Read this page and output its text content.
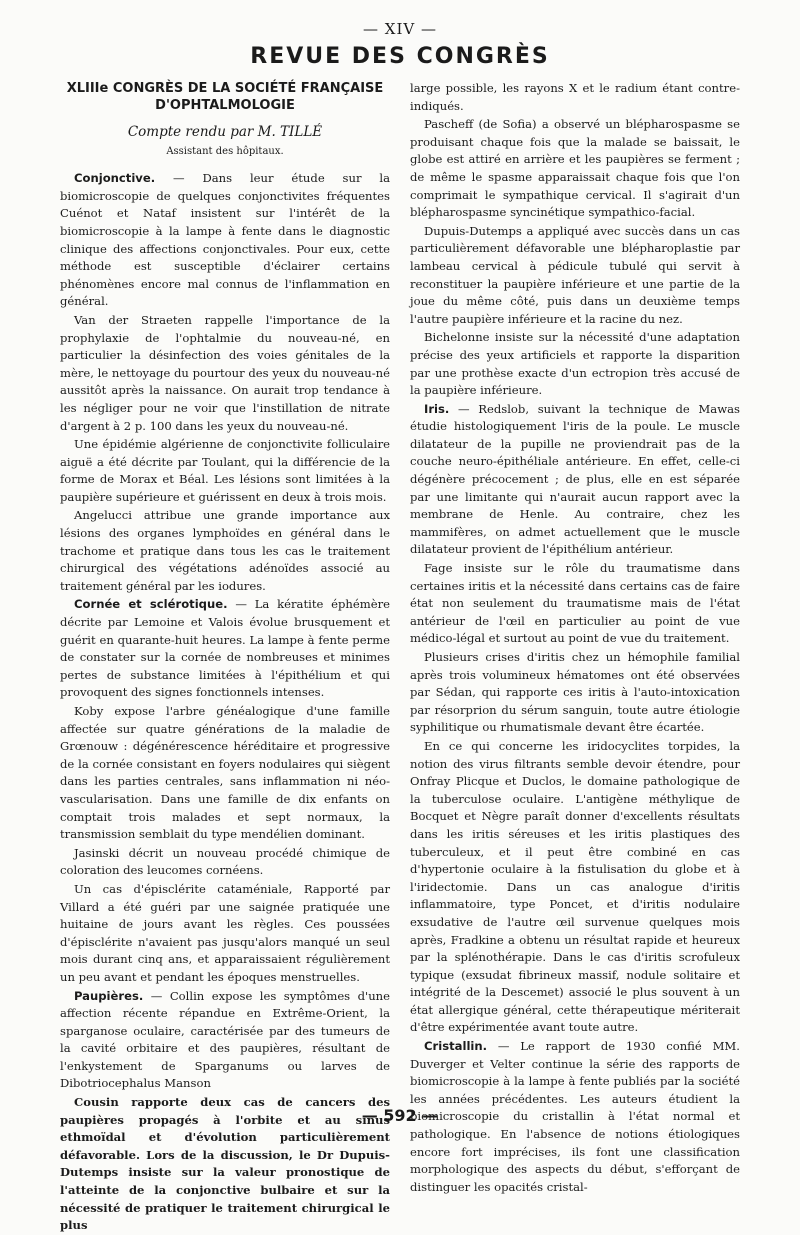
— XIV —
REVUE DES CONGRÈS
XLIIIe CONGRÈS DE LA SOCIÉTÉ FRANÇAISE
D'OPHTALMOLOGIE
Compte rendu par M. TILLÉ
Assistant des hôpitaux.

Conjonctive. — Dans leur étude sur la biomicroscopie de quelques conjonctivites fréquentes Cuénot et Nataf insistent sur l'intérêt de la biomicroscopie à la lampe à fente dans le diagnostic clinique des affections conjonctivales. Pour eux, cette méthode est susceptible d'éclairer certains phénomènes encore mal connus de l'inflammation en général.

Van der Straeten rappelle l'importance de la prophylaxie de l'ophtalmie du nouveau-né, en particulier la désinfection des voies génitales de la mère, le nettoyage du pourtour des yeux du nouveau-né aussitôt après la naissance. On aurait trop tendance à les négliger pour ne voir que l'instillation de nitrate d'argent à 2 p. 100 dans les yeux du nouveau-né.

Une épidémie algérienne de conjonctivite folliculaire aiguë a été décrite par Toulant, qui la différencie de la forme de Morax et Béal. Les lésions sont limitées à la paupière supérieure et guérissent en deux à trois mois.

Angelucci attribue une grande importance aux lésions des organes lymphoïdes en général dans le trachome et pratique dans tous les cas le traitement chirurgical des végétations adénoïdes associé au traitement général par les iodures.

Cornée et sclérotique. — La kératite éphémère décrite par Lemoine et Valois évolue brusquement et guérit en quarante-huit heures. La lampe à fente perme de constater sur la cornée de nombreuses et minimes pertes de substance limitées à l'épithélium et qui provoquent des signes fonctionnels intenses.

Koby expose l'arbre généalogique d'une famille affectée sur quatre générations de la maladie de Grœnouw : dégénérescence héréditaire et progressive de la cornée consistant en foyers nodulaires qui siègent dans les parties centrales, sans inflammation ni néo-vascularisation. Dans une famille de dix enfants on comptait trois malades et sept normaux, la transmission semblait du type mendélien dominant.

Jasinski décrit un nouveau procédé chimique de coloration des leucomes cornéens.

Un cas d'épisclérite cataméniale, Rapporté par Villard a été guéri par une saignée pratiquée une huitaine de jours avant les règles. Ces poussées d'épisclérite n'avaient pas jusqu'alors manqué un seul mois durant cinq ans, et apparaissaient régulièrement un peu avant et pendant les époques menstruelles.

Paupières. — Collin expose les symptômes d'une affection récente répandue en Extrême-Orient, la sparganose oculaire, caractérisée par des tumeurs de la cavité orbitaire et des paupières, résultant de l'enkystement de Sparganums ou larves de Dibotriocephalus Manson

Cousin rapporte deux cas de cancers des paupières propagés à l'orbite et au sinus ethmoïdal et d'évolution particulièrement défavorable. Lors de la discussion, le Dr Dupuis-Dutemps insiste sur la valeur pronostique de l'atteinte de la conjonctive bulbaire et sur la nécessité de pratiquer le traitement chirurgical le plus

large possible, les rayons X et le radium étant contre-indiqués.

Pascheff (de Sofia) a observé un blépharospasme se produisant chaque fois que la malade se baissait, le globe est attiré en arrière et les paupières se ferment ; de même le spasme apparaissait chaque fois que l'on comprimait le sympathique cervical. Il s'agirait d'un blépharospasme syncinétique sympathico-facial.

Dupuis-Dutemps a appliqué avec succès dans un cas particulièrement défavorable une blépharoplastie par lambeau cervical à pédicule tubulé qui servit à reconstituer la paupière inférieure et une partie de la joue du même côté, puis dans un deuxième temps l'autre paupière inférieure et la racine du nez.

Bichelonne insiste sur la nécessité d'une adaptation précise des yeux artificiels et rapporte la disparition par une prothèse exacte d'un ectropion très accusé de la paupière inférieure.

Iris. — Redslob, suivant la technique de Mawas étudie histologiquement l'iris de la poule. Le muscle dilatateur de la pupille ne proviendrait pas de la couche neuro-épithéliale antérieure. En effet, celle-ci dégénère précocement ; de plus, elle en est séparée par une limitante qui n'aurait aucun rapport avec la membrane de Henle. Au contraire, chez les mammifères, on admet actuellement que le muscle dilatateur provient de l'épithélium antérieur.

Fage insiste sur le rôle du traumatisme dans certaines iritis et la nécessité dans certains cas de faire état non seulement du traumatisme mais de l'état antérieur de l'œil en particulier au point de vue médico-légal et surtout au point de vue du traitement.

Plusieurs crises d'iritis chez un hémophile familial après trois volumineux hématomes ont été observées par Sédan, qui rapporte ces iritis à l'auto-intoxication par résorprion du sérum sanguin, toute autre étiologie syphilitique ou rhumatismale devant être écartée.

En ce qui concerne les iridocyclites torpides, la notion des virus filtrants semble devoir étendre, pour Onfray Plicque et Duclos, le domaine pathologique de la tuberculose oculaire. L'antigène méthylique de Bocquet et Nègre paraît donner d'excellents résultats dans les iritis séreuses et les iritis plastiques des tuberculeux, et il peut être combiné en cas d'hypertonie oculaire à la fistulisation du globe et à l'iridectomie. Dans un cas analogue d'iritis inflammatoire, type Poncet, et d'iritis nodulaire exsudative de l'autre œil survenue quelques mois après, Fradkine a obtenu un résultat rapide et heureux par la splénothérapie. Dans le cas d'iritis scrofuleux typique (exsudat fibrineux massif, nodule solitaire et intégrité de la Descemet) associé le plus souvent à un état allergique général, cette thérapeutique mériterait d'être expérimentée avant toute autre.

Cristallin. — Le rapport de 1930 confié MM. Duverger et Velter continue la série des rapports de biomicroscopie à la lampe à fente publiés par la société les années précédentes. Les auteurs étudient la biomicroscopie du cristallin à l'état normal et pathologique. En l'absence de notions étiologiques encore fort imprécises, ils font une classification morphologique des aspects du début, s'efforçant de distinguer les opacités cristal-

— 592 —
